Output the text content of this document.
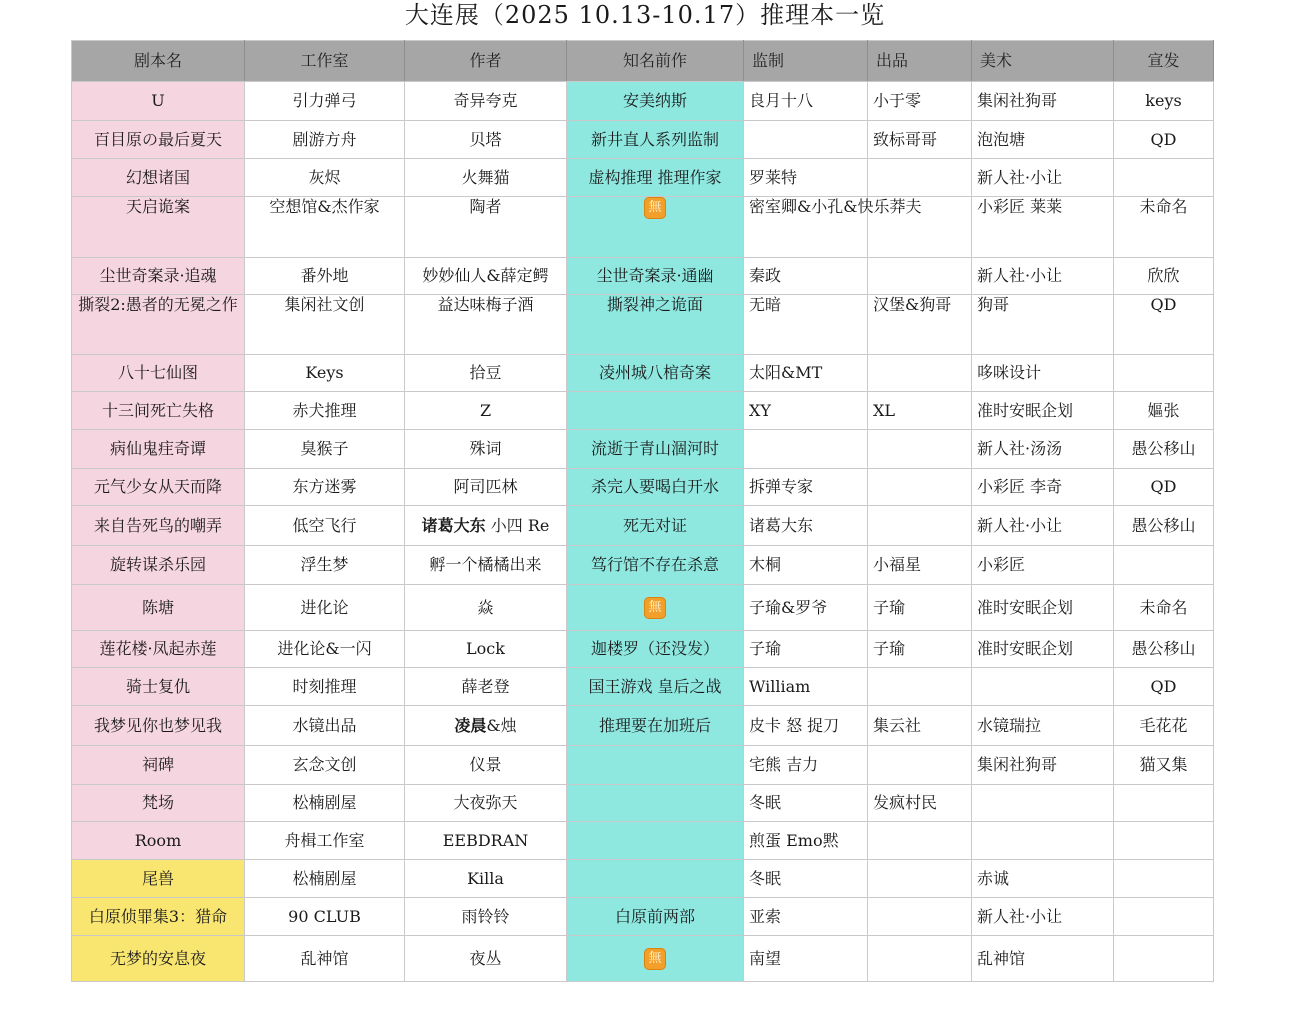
大连展（2025 10.13-10.17）推理本一览
剧本名	工作室	作者	知名前作	监制	出品	美术	宣发
U	引力弹弓	奇异夸克	安美纳斯	良月十八	小于零	集闲社狗哥	keys
百目原の最后夏天	剧游方舟	贝塔	新井直人系列监制		致标哥哥	泡泡塘	QD
幻想诸国	灰烬	火舞猫	虚构推理 推理作家	罗莱特		新人社·小让	
天启诡案	空想馆&杰作家	陶者	無	密室卿&小孔&快乐莽夫		小彩匠 莱莱	未命名
尘世奇案录·追魂	番外地	妙妙仙人&薛定鳄	尘世奇案录·通幽	秦政		新人社·小让	欣欣
撕裂2:愚者的无冕之作	集闲社文创	益达味梅子酒	撕裂神之诡面	无暗	汉堡&狗哥	狗哥	QD
八十七仙图	Keys	拾豆	凌州城八棺奇案	太阳&MT		哆咪设计	
十三间死亡失格	赤犬推理	Z		XY	XL	准时安眠企划	嫗张
病仙鬼疰奇谭	臭猴子	殊词	流逝于青山涸河时			新人社·汤汤	愚公移山
元气少女从天而降	东方迷雾	阿司匹林	杀完人要喝白开水	拆弹专家		小彩匠 李奇	QD
来自告死鸟的嘲弄	低空飞行	诸葛大东 小四 Re	死无对证	诸葛大东		新人社·小让	愚公移山
旋转谋杀乐园	浮生梦	孵一个橘橘出来	笃行馆不存在杀意	木桐	小福星	小彩匠	
陈塘	进化论	焱	無	子瑜&罗爷	子瑜	准时安眠企划	未命名
莲花楼·凤起赤莲	进化论&一闪	Lock	迦楼罗（还没发）	子瑜	子瑜	准时安眠企划	愚公移山
骑士复仇	时刻推理	薛老登	国王游戏 皇后之战	William			QD
我梦见你也梦见我	水镜出品	凌晨&烛	推理要在加班后	皮卡 怒 捉刀	集云社	水镜瑞拉	毛花花
祠碑	玄念文创	仪景		宅熊 吉力		集闲社狗哥	猫又集
梵场	松楠剧屋	大夜弥天		冬眠	发疯村民		
Room	舟楫工作室	EEBDRAN		煎蛋 Emo黙			
尾兽	松楠剧屋	Killa		冬眠		赤诚	
白原侦罪集3：猎命	90 CLUB	雨铃铃	白原前两部	亚索		新人社·小让	
无梦的安息夜	乱神馆	夜丛	無	南望		乱神馆	
